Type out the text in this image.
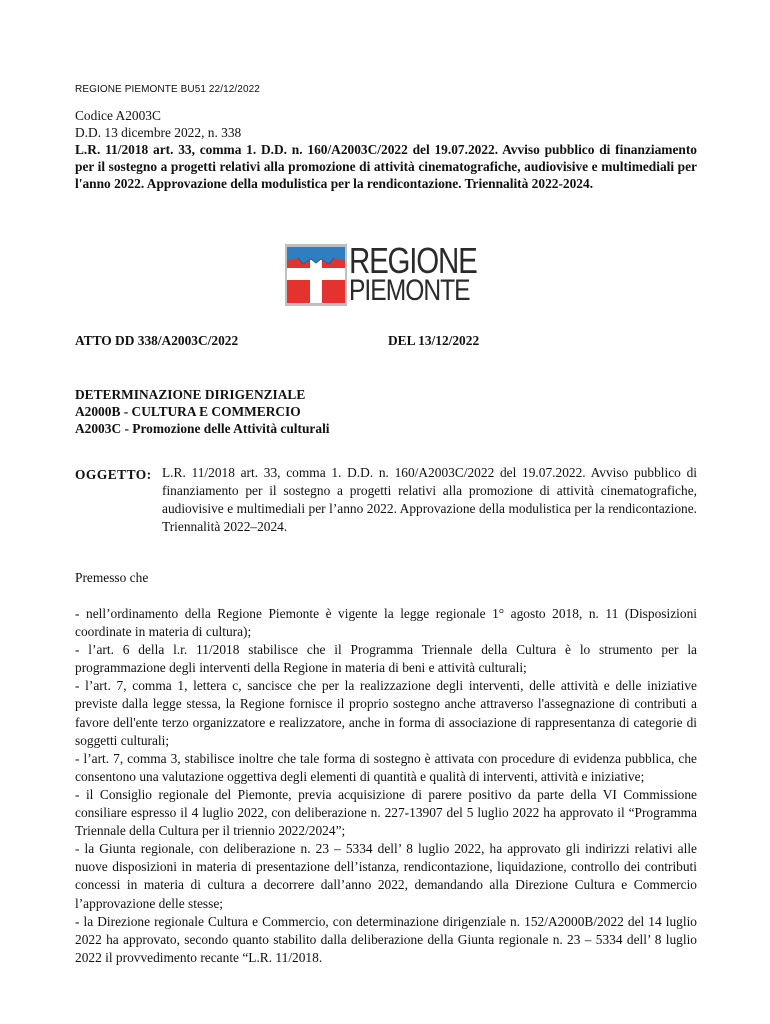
REGIONE PIEMONTE BU51 22/12/2022
Codice A2003C
D.D. 13 dicembre 2022, n. 338
L.R. 11/2018 art. 33, comma 1. D.D. n. 160/A2003C/2022 del 19.07.2022. Avviso pubblico di finanziamento per il sostegno a progetti relativi alla promozione di attività cinematografiche, audiovisive e multimediali per l'anno 2022. Approvazione della modulistica per la rendicontazione. Triennalità 2022-2024.
REGIONE
PIEMONTE
ATTO DD 338/A2003C/2022	DEL 13/12/2022
DETERMINAZIONE DIRIGENZIALE
A2000B - CULTURA E COMMERCIO
A2003C - Promozione delle Attività culturali
OGGETTO: L.R. 11/2018 art. 33, comma 1. D.D. n. 160/A2003C/2022 del 19.07.2022. Avviso pubblico di finanziamento per il sostegno a progetti relativi alla promozione di attività cinematografiche, audiovisive e multimediali per l’anno 2022. Approvazione della modulistica per la rendicontazione. Triennalità 2022–2024.
Premesso che

- nell’ordinamento della Regione Piemonte è vigente la legge regionale 1° agosto 2018, n. 11 (Disposizioni coordinate in materia di cultura);

- l’art. 6 della l.r. 11/2018 stabilisce che il Programma Triennale della Cultura è lo strumento per la programmazione degli interventi della Regione in materia di beni e attività culturali;

- l’art. 7, comma 1, lettera c, sancisce che per la realizzazione degli interventi, delle attività e delle iniziative previste dalla legge stessa, la Regione fornisce il proprio sostegno anche attraverso l'assegnazione di contributi a favore dell'ente terzo organizzatore e realizzatore, anche in forma di associazione di rappresentanza di categorie di soggetti culturali;

- l’art. 7, comma 3, stabilisce inoltre che tale forma di sostegno è attivata con procedure di evidenza pubblica, che consentono una valutazione oggettiva degli elementi di quantità e qualità di interventi, attività e iniziative;

- il Consiglio regionale del Piemonte, previa acquisizione di parere positivo da parte della VI Commissione consiliare espresso il 4 luglio 2022, con deliberazione n. 227-13907 del 5 luglio 2022 ha approvato il “Programma Triennale della Cultura per il triennio 2022/2024”;

- la Giunta regionale, con deliberazione n. 23 – 5334 dell’ 8 luglio 2022, ha approvato gli indirizzi relativi alle nuove disposizioni in materia di presentazione dell’istanza, rendicontazione, liquidazione, controllo dei contributi concessi in materia di cultura a decorrere dall’anno 2022, demandando alla Direzione Cultura e Commercio l’approvazione delle stesse;

- la Direzione regionale Cultura e Commercio, con determinazione dirigenziale n. 152/A2000B/2022 del 14 luglio 2022 ha approvato, secondo quanto stabilito dalla deliberazione della Giunta regionale n. 23 – 5334 dell’ 8 luglio 2022 il provvedimento recante “L.R. 11/2018.
